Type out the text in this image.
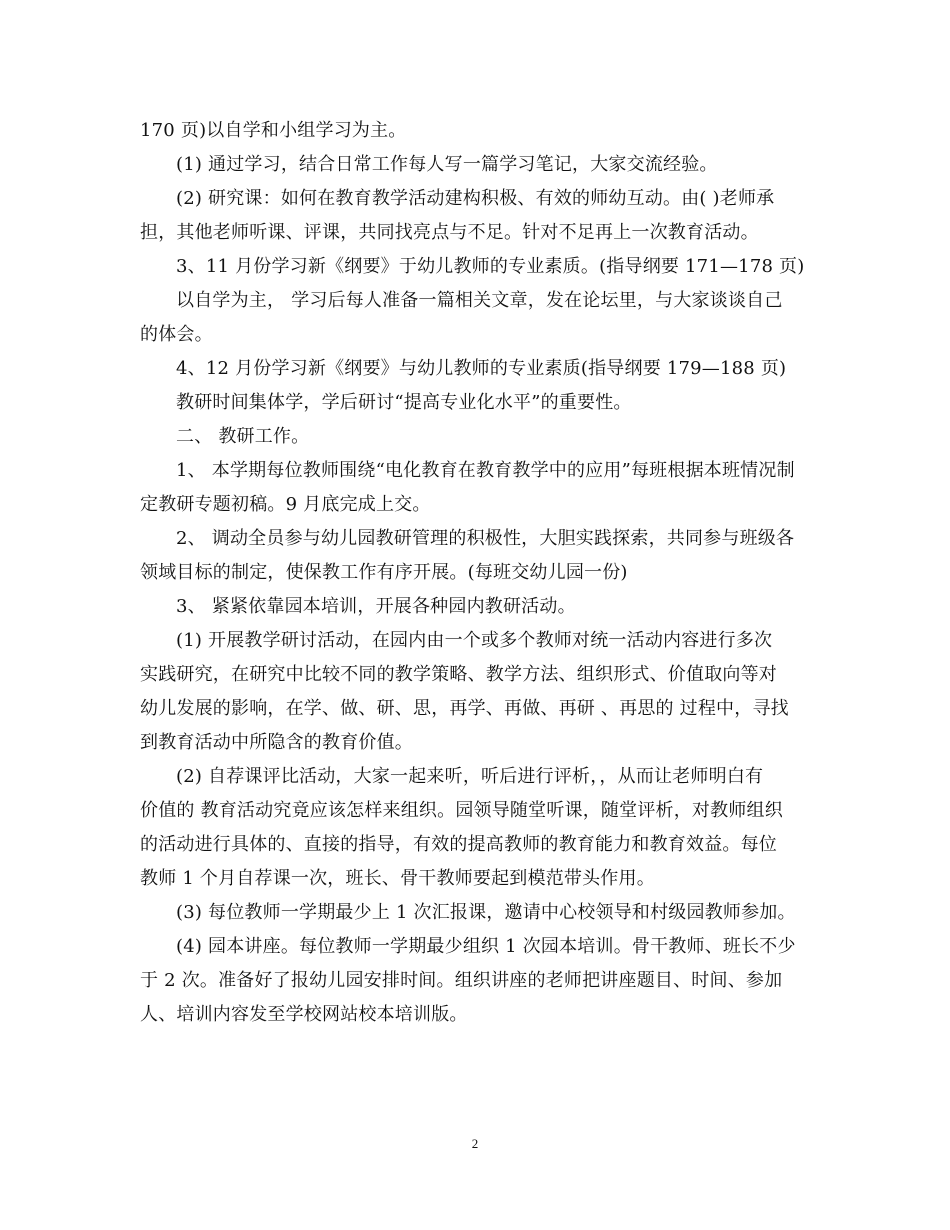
170 页)以自学和小组学习为主。
(1) 通过学习，结合日常工作每人写一篇学习笔记，大家交流经验。
(2) 研究课：如何在教育教学活动建构积极、有效的师幼互动。由( )老师承
担，其他老师听课、评课，共同找亮点与不足。针对不足再上一次教育活动。
3、11 月份学习新《纲要》于幼儿教师的专业素质。(指导纲要 171—178 页)
以自学为主， 学习后每人准备一篇相关文章，发在论坛里，与大家谈谈自己
的体会。
4、12 月份学习新《纲要》与幼儿教师的专业素质(指导纲要 179—188 页)
教研时间集体学，学后研讨“提高专业化水平”的重要性。
二、 教研工作。
1、 本学期每位教师围绕“电化教育在教育教学中的应用”每班根据本班情况制
定教研专题初稿。9 月底完成上交。
2、 调动全员参与幼儿园教研管理的积极性，大胆实践探索，共同参与班级各
领域目标的制定，使保教工作有序开展。(每班交幼儿园一份)
3、 紧紧依靠园本培训，开展各种园内教研活动。
(1) 开展教学研讨活动，在园内由一个或多个教师对统一活动内容进行多次
实践研究，在研究中比较不同的教学策略、教学方法、组织形式、价值取向等对
幼儿发展的影响，在学、做、研、思，再学、再做、再研 、再思的 过程中，寻找
到教育活动中所隐含的教育价值。
(2) 自荐课评比活动，大家一起来听，听后进行评析，，从而让老师明白有
价值的 教育活动究竟应该怎样来组织。园领导随堂听课，随堂评析，对教师组织
的活动进行具体的、直接的指导，有效的提高教师的教育能力和教育效益。每位
教师 1 个月自荐课一次，班长、骨干教师要起到模范带头作用。
(3) 每位教师一学期最少上 1 次汇报课，邀请中心校领导和村级园教师参加。
(4) 园本讲座。每位教师一学期最少组织 1 次园本培训。骨干教师、班长不少
于 2 次。准备好了报幼儿园安排时间。组织讲座的老师把讲座题目、时间、参加
人、培训内容发至学校网站校本培训版。
2
